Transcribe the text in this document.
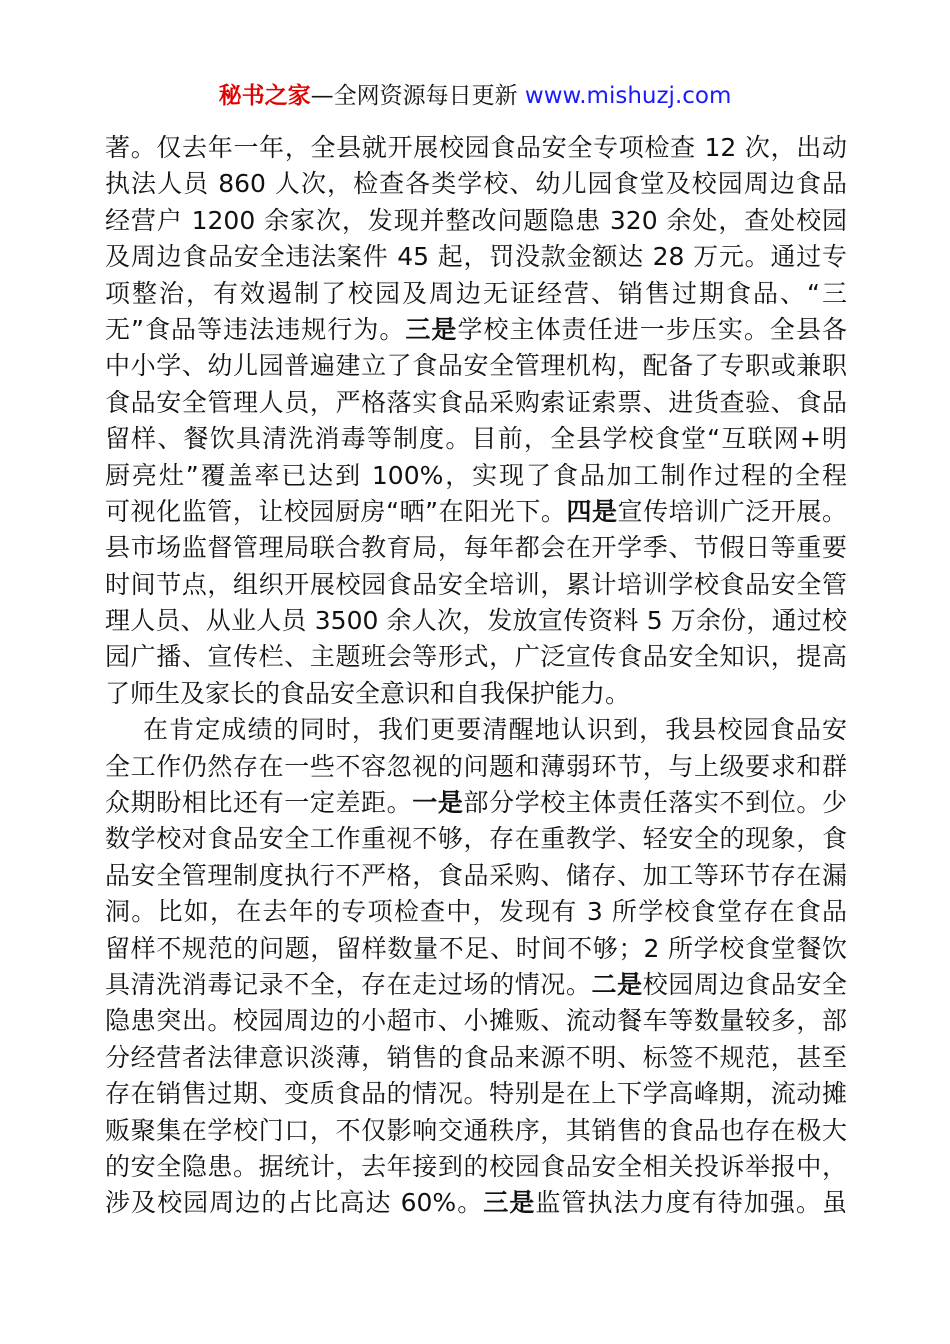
秘书之家—全网资源每日更新 www.mishuzj.com
著。仅去年一年，全县就开展校园食品安全专项检查 12 次，出动
执法人员 860 人次，检查各类学校、幼儿园食堂及校园周边食品
经营户 1200 余家次，发现并整改问题隐患 320 余处，查处校园
及周边食品安全违法案件 45 起，罚没款金额达 28 万元。通过专
项整治，有效遏制了校园及周边无证经营、销售过期食品、“三
无”食品等违法违规行为。三是学校主体责任进一步压实。全县各
中小学、幼儿园普遍建立了食品安全管理机构，配备了专职或兼职
食品安全管理人员，严格落实食品采购索证索票、进货查验、食品
留样、餐饮具清洗消毒等制度。目前，全县学校食堂“互联网+明
厨亮灶”覆盖率已达到 100%，实现了食品加工制作过程的全程
可视化监管，让校园厨房“晒”在阳光下。四是宣传培训广泛开展。
县市场监督管理局联合教育局，每年都会在开学季、节假日等重要
时间节点，组织开展校园食品安全培训，累计培训学校食品安全管
理人员、从业人员 3500 余人次，发放宣传资料 5 万余份，通过校
园广播、宣传栏、主题班会等形式，广泛宣传食品安全知识，提高
了师生及家长的食品安全意识和自我保护能力。
在肯定成绩的同时，我们更要清醒地认识到，我县校园食品安
全工作仍然存在一些不容忽视的问题和薄弱环节，与上级要求和群
众期盼相比还有一定差距。一是部分学校主体责任落实不到位。少
数学校对食品安全工作重视不够，存在重教学、轻安全的现象，食
品安全管理制度执行不严格，食品采购、储存、加工等环节存在漏
洞。比如，在去年的专项检查中，发现有 3 所学校食堂存在食品
留样不规范的问题，留样数量不足、时间不够；2 所学校食堂餐饮
具清洗消毒记录不全，存在走过场的情况。二是校园周边食品安全
隐患突出。校园周边的小超市、小摊贩、流动餐车等数量较多，部
分经营者法律意识淡薄，销售的食品来源不明、标签不规范，甚至
存在销售过期、变质食品的情况。特别是在上下学高峰期，流动摊
贩聚集在学校门口，不仅影响交通秩序，其销售的食品也存在极大
的安全隐患。据统计，去年接到的校园食品安全相关投诉举报中，
涉及校园周边的占比高达 60%。三是监管执法力度有待加强。虽
